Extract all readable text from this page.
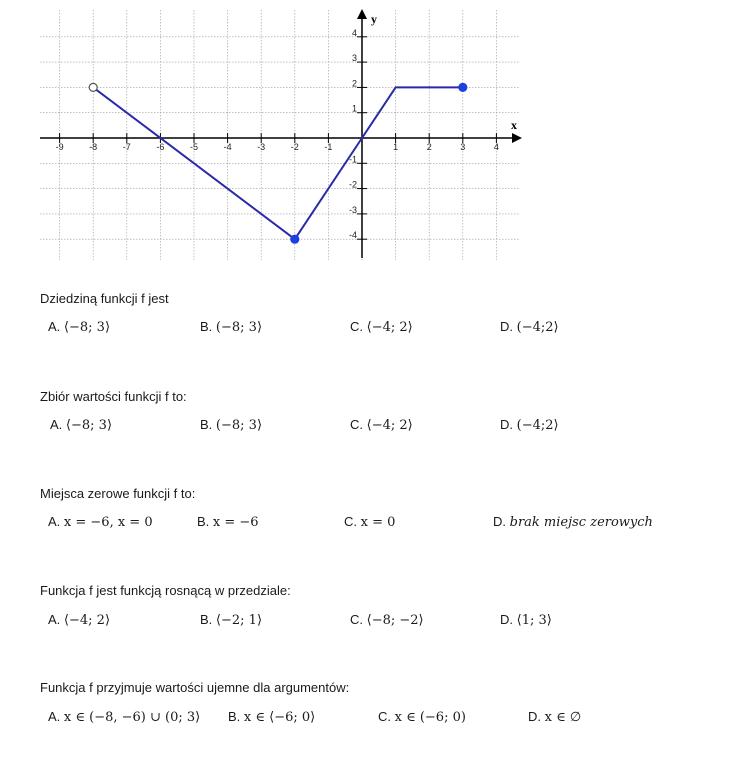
x
y
-9	-8	-7	-6	-5	-4	-3	-2	-1	1	2	3	4
4
3
2
1
-1
-2
-3
-4
Dziedziną funkcji f jest
A. ⟨−8; 3⟩	B. (−8; 3⟩	C. ⟨−4; 2⟩	D. (−4;2⟩
Zbiór wartości funkcji f to:
A. ⟨−8; 3⟩	B. (−8; 3⟩	C. ⟨−4; 2⟩	D. (−4;2⟩
Miejsca zerowe funkcji f to:
A. x = −6, x = 0	B. x = −6	C. x = 0	D. brak miejsc zerowych
Funkcja f jest funkcją rosnącą w przedziale:
A. ⟨−4; 2⟩	B. ⟨−2; 1⟩	C. ⟨−8; −2⟩	D. ⟨1; 3⟩
Funkcja f przyjmuje wartości ujemne dla argumentów:
A. x ∈ (−8, −6) ∪ (0; 3⟩ B. x ∈ ⟨−6; 0⟩	C. x ∈ (−6; 0)	D. x ∈ ∅
